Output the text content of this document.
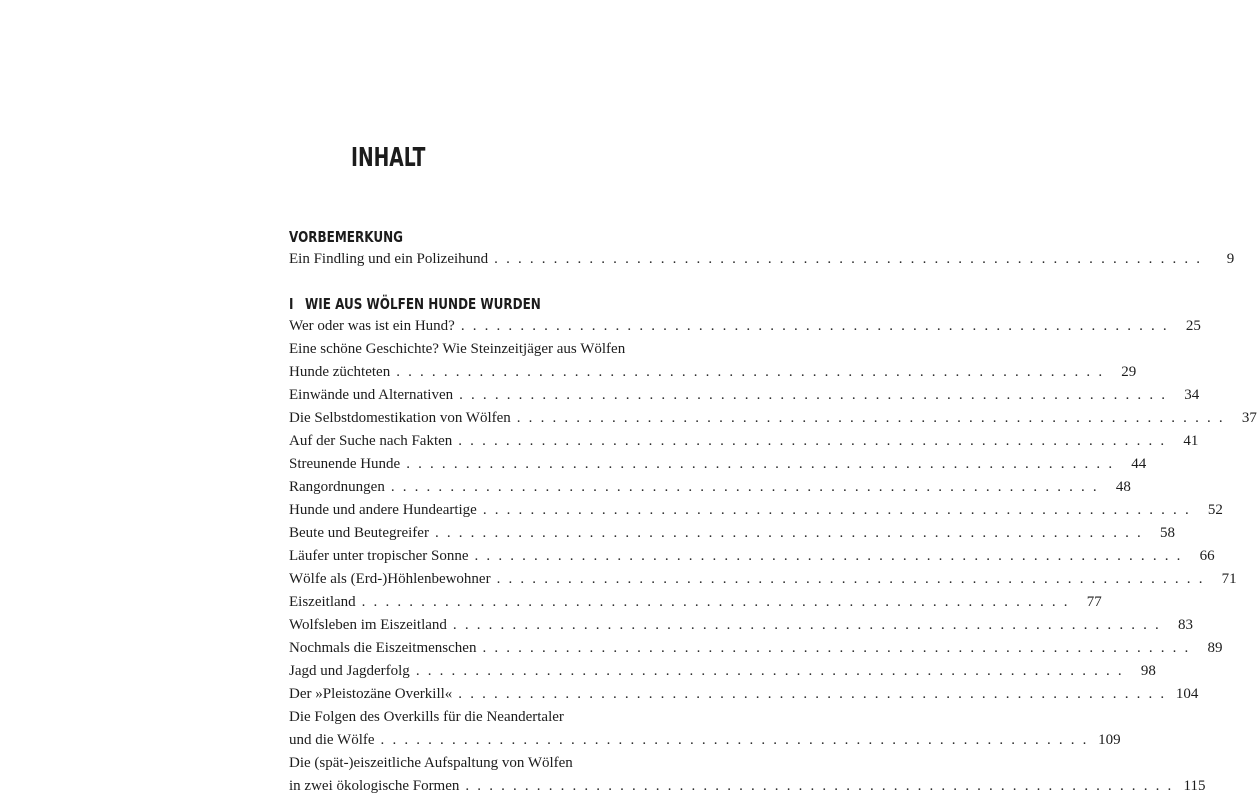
INHALT
VORBEMERKUNG
Ein Findling und ein Polizeihund . . . . . . . . . . . . . . . . . . . . . . . . . . . . . . . . . . . . . . . . . . . . . . . . . . . . . . . . . . . .	9
I WIE AUS WÖLFEN HUNDE WURDEN
Wer oder was ist ein Hund? . . . . . . . . . . . . . . . . . . . . . . . . . . . . . . . . . . . . . . . . . . . . . . . . . . . . . . . . . . . .	25
Eine schöne Geschichte? Wie Steinzeitjäger aus Wölfen
Hunde züchteten . . . . . . . . . . . . . . . . . . . . . . . . . . . . . . . . . . . . . . . . . . . . . . . . . . . . . . . . . . . .	29
Einwände und Alternativen . . . . . . . . . . . . . . . . . . . . . . . . . . . . . . . . . . . . . . . . . . . . . . . . . . . . . . . . . . . .	34
Die Selbstdomestikation von Wölfen . . . . . . . . . . . . . . . . . . . . . . . . . . . . . . . . . . . . . . . . . . . . . . . . . . . . . . . . . . . .	37
Auf der Suche nach Fakten . . . . . . . . . . . . . . . . . . . . . . . . . . . . . . . . . . . . . . . . . . . . . . . . . . . . . . . . . . . .	41
Streunende Hunde . . . . . . . . . . . . . . . . . . . . . . . . . . . . . . . . . . . . . . . . . . . . . . . . . . . . . . . . . . . .	44
Rangordnungen . . . . . . . . . . . . . . . . . . . . . . . . . . . . . . . . . . . . . . . . . . . . . . . . . . . . . . . . . . . .	48
Hunde und andere Hundeartige . . . . . . . . . . . . . . . . . . . . . . . . . . . . . . . . . . . . . . . . . . . . . . . . . . . . . . . . . . . .	52
Beute und Beutegreifer . . . . . . . . . . . . . . . . . . . . . . . . . . . . . . . . . . . . . . . . . . . . . . . . . . . . . . . . . . . .	58
Läufer unter tropischer Sonne . . . . . . . . . . . . . . . . . . . . . . . . . . . . . . . . . . . . . . . . . . . . . . . . . . . . . . . . . . . .	66
Wölfe als (Erd-)Höhlenbewohner . . . . . . . . . . . . . . . . . . . . . . . . . . . . . . . . . . . . . . . . . . . . . . . . . . . . . . . . . . . .	71
Eiszeitland . . . . . . . . . . . . . . . . . . . . . . . . . . . . . . . . . . . . . . . . . . . . . . . . . . . . . . . . . . . .	77
Wolfsleben im Eiszeitland . . . . . . . . . . . . . . . . . . . . . . . . . . . . . . . . . . . . . . . . . . . . . . . . . . . . . . . . . . . .	83
Nochmals die Eiszeitmenschen . . . . . . . . . . . . . . . . . . . . . . . . . . . . . . . . . . . . . . . . . . . . . . . . . . . . . . . . . . . .	89
Jagd und Jagderfolg . . . . . . . . . . . . . . . . . . . . . . . . . . . . . . . . . . . . . . . . . . . . . . . . . . . . . . . . . . . .	98
Der »Pleistozäne Overkill« . . . . . . . . . . . . . . . . . . . . . . . . . . . . . . . . . . . . . . . . . . . . . . . . . . . . . . . . . . . . 104
Die Folgen des Overkills für die Neandertaler
und die Wölfe . . . . . . . . . . . . . . . . . . . . . . . . . . . . . . . . . . . . . . . . . . . . . . . . . . . . . . . . . . . . 109
Die (spät-)eiszeitliche Aufspaltung von Wölfen
in zwei ökologische Formen . . . . . . . . . . . . . . . . . . . . . . . . . . . . . . . . . . . . . . . . . . . . . . . . . . . . . . . . . . . . 115
